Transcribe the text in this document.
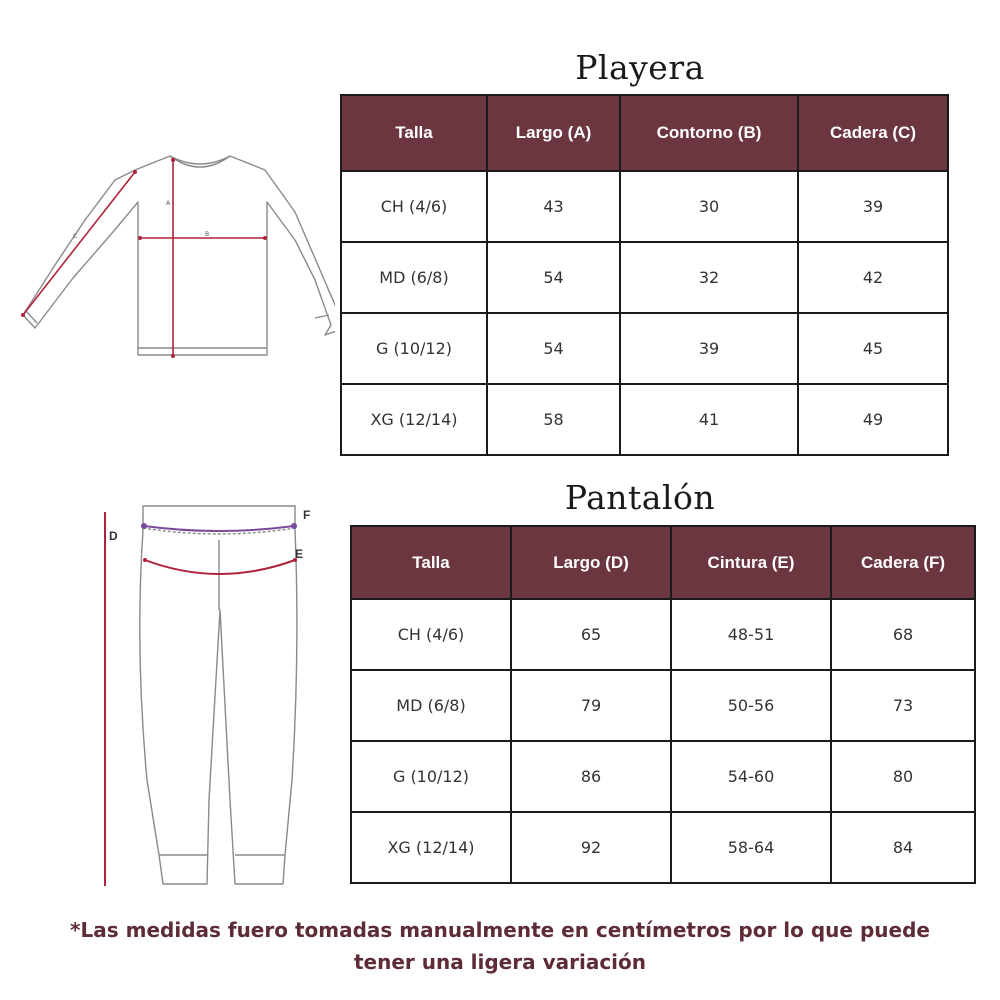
Playera
A
B
C
Talla	Largo (A)	Contorno (B)	Cadera (C)
CH (4/6)	43	30	39
MD (6/8)	54	32	42
G (10/12)	54	39	45
XG (12/14)	58	41	49
Pantalón
D
E
F
Talla	Largo (D)	Cintura (E)	Cadera (F)
CH (4/6)	65	48-51	68
MD (6/8)	79	50-56	73
G (10/12)	86	54-60	80
XG (12/14)	92	58-64	84

*Las medidas fuero tomadas manualmente en centímetros por lo que puede tener una ligera variación
